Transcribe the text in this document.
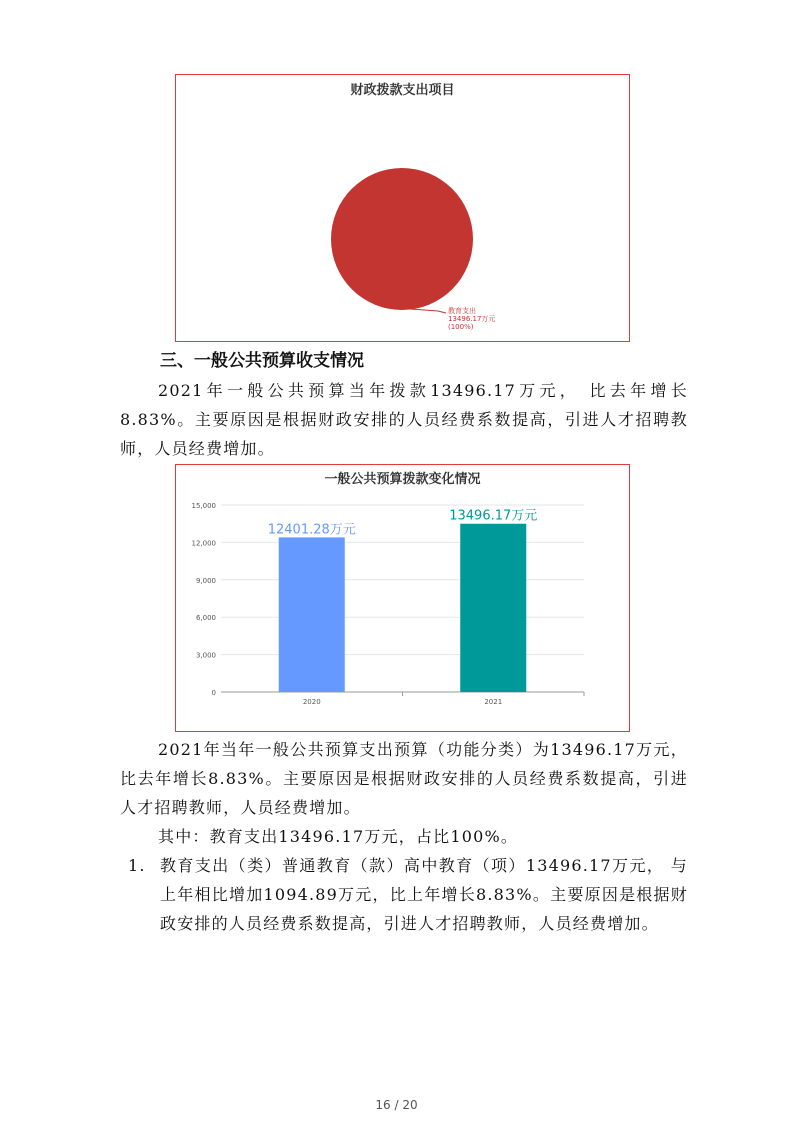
财政拨款支出项目
教育支出
13496.17万元
(100%)
三、一般公共预算收支情况
2021年一般公共预算当年拨款13496.17万元， 比去年增长8.83%。主要原因是根据财政安排的人员经费系数提高，引进人才招聘教师，人员经费增加。
一般公共预算拨款变化情况
0
3,000
6,000
9,000
12,000
15,000
12401.28万元
2020
13496.17万元
2021
2021年当年一般公共预算支出预算（功能分类）为13496.17万元， 比去年增长8.83%。主要原因是根据财政安排的人员经费系数提高，引进人才招聘教师，人员经费增加。
其中：教育支出13496.17万元，占比100%。
1. 教育支出（类）普通教育（款）高中教育（项）13496.17万元， 与上年相比增加1094.89万元，比上年增长8.83%。主要原因是根据财政安排的人员经费系数提高，引进人才招聘教师，人员经费增加。
16 / 20
